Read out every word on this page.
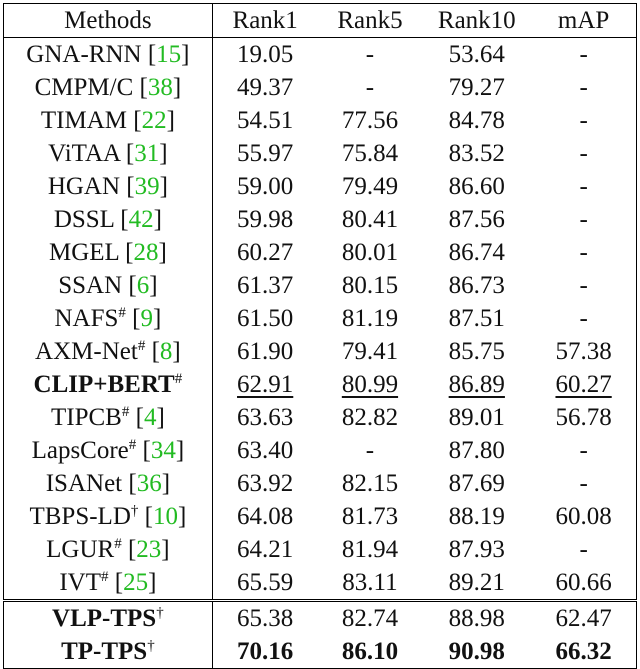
Methods	Rank1	Rank5	Rank10	mAP
GNA-RNN [15]	19.05	-	53.64	-
CMPM/C [38]	49.37	-	79.27	-
TIMAM [22]	54.51	77.56	84.78	-
ViTAA [31]	55.97	75.84	83.52	-
HGAN [39]	59.00	79.49	86.60	-
DSSL [42]	59.98	80.41	87.56	-
MGEL [28]	60.27	80.01	86.74	-
SSAN [6]	61.37	80.15	86.73	-
NAFS# [9]	61.50	81.19	87.51	-
AXM-Net# [8]	61.90	79.41	85.75	57.38
CLIP+BERT#	62.91	80.99	86.89	60.27
TIPCB# [4]	63.63	82.82	89.01	56.78
LapsCore# [34]	63.40	-	87.80	-
ISANet [36]	63.92	82.15	87.69	-
TBPS-LD† [10]	64.08	81.73	88.19	60.08
LGUR# [23]	64.21	81.94	87.93	-
IVT# [25]	65.59	83.11	89.21	60.66
VLP-TPS†	65.38	82.74	88.98	62.47
TP-TPS†	70.16	86.10	90.98	66.32
